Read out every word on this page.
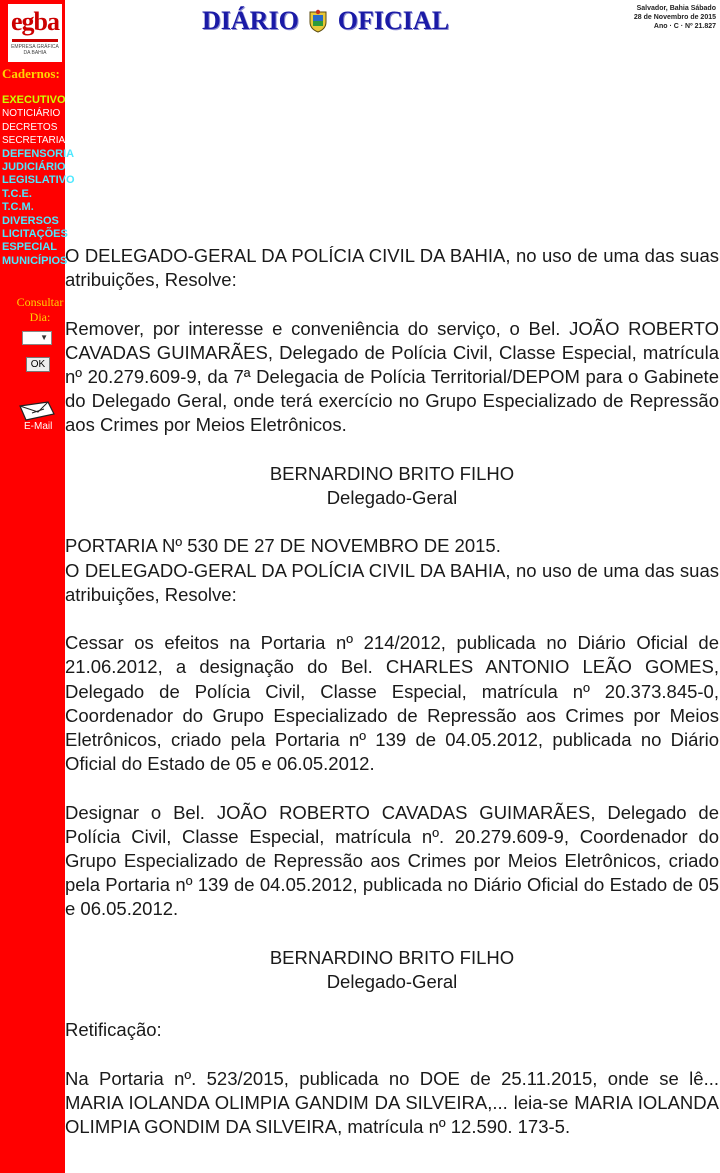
egba
EMPRESA GRÁFICA DA BAHIA
Cadernos:
EXECUTIVO
NOTICIÁRIO
DECRETOS
SECRETARIAS
DEFENSORIA
JUDICIÁRIO
LEGISLATIVO
T.C.E.
T.C.M.
DIVERSOS
LICITAÇÕES
ESPECIAL
MUNICÍPIOS
Consultar
Dia:
▼
OK
E-Mail
DIÁRIO OFICIAL	Salvador, Bahia Sábado
28 de Novembro de 2015
Ano · C · Nº 21.827

O DELEGADO-GERAL DA POLÍCIA CIVIL DA BAHIA, no uso de uma das suas atribuições, Resolve:

Remover, por interesse e conveniência do serviço, o Bel. JOÃO ROBERTO CAVADAS GUIMARÃES, Delegado de Polícia Civil, Classe Especial, matrícula nº 20.279.609-9, da 7ª Delegacia de Polícia Territorial/DEPOM para o Gabinete do Delegado Geral, onde terá exercício no Grupo Especializado de Repressão aos Crimes por Meios Eletrônicos.

BERNARDINO BRITO FILHO
Delegado-Geral

PORTARIA Nº 530 DE 27 DE NOVEMBRO DE 2015.

O DELEGADO-GERAL DA POLÍCIA CIVIL DA BAHIA, no uso de uma das suas atribuições, Resolve:

Cessar os efeitos na Portaria nº 214/2012, publicada no Diário Oficial de 21.06.2012, a designação do Bel. CHARLES ANTONIO LEÃO GOMES, Delegado de Polícia Civil, Classe Especial, matrícula nº 20.373.845-0, Coordenador do Grupo Especializado de Repressão aos Crimes por Meios Eletrônicos, criado pela Portaria nº 139 de 04.05.2012, publicada no Diário Oficial do Estado de 05 e 06.05.2012.

Designar o Bel. JOÃO ROBERTO CAVADAS GUIMARÃES, Delegado de Polícia Civil, Classe Especial, matrícula nº. 20.279.609-9, Coordenador do Grupo Especializado de Repressão aos Crimes por Meios Eletrônicos, criado pela Portaria nº 139 de 04.05.2012, publicada no Diário Oficial do Estado de 05 e 06.05.2012.

BERNARDINO BRITO FILHO
Delegado-Geral

Retificação:

Na Portaria nº. 523/2015, publicada no DOE de 25.11.2015, onde se lê... MARIA IOLANDA OLIMPIA GANDIM DA SILVEIRA,... leia-se MARIA IOLANDA OLIMPIA GONDIM DA SILVEIRA, matrícula nº 12.590. 173-5.
